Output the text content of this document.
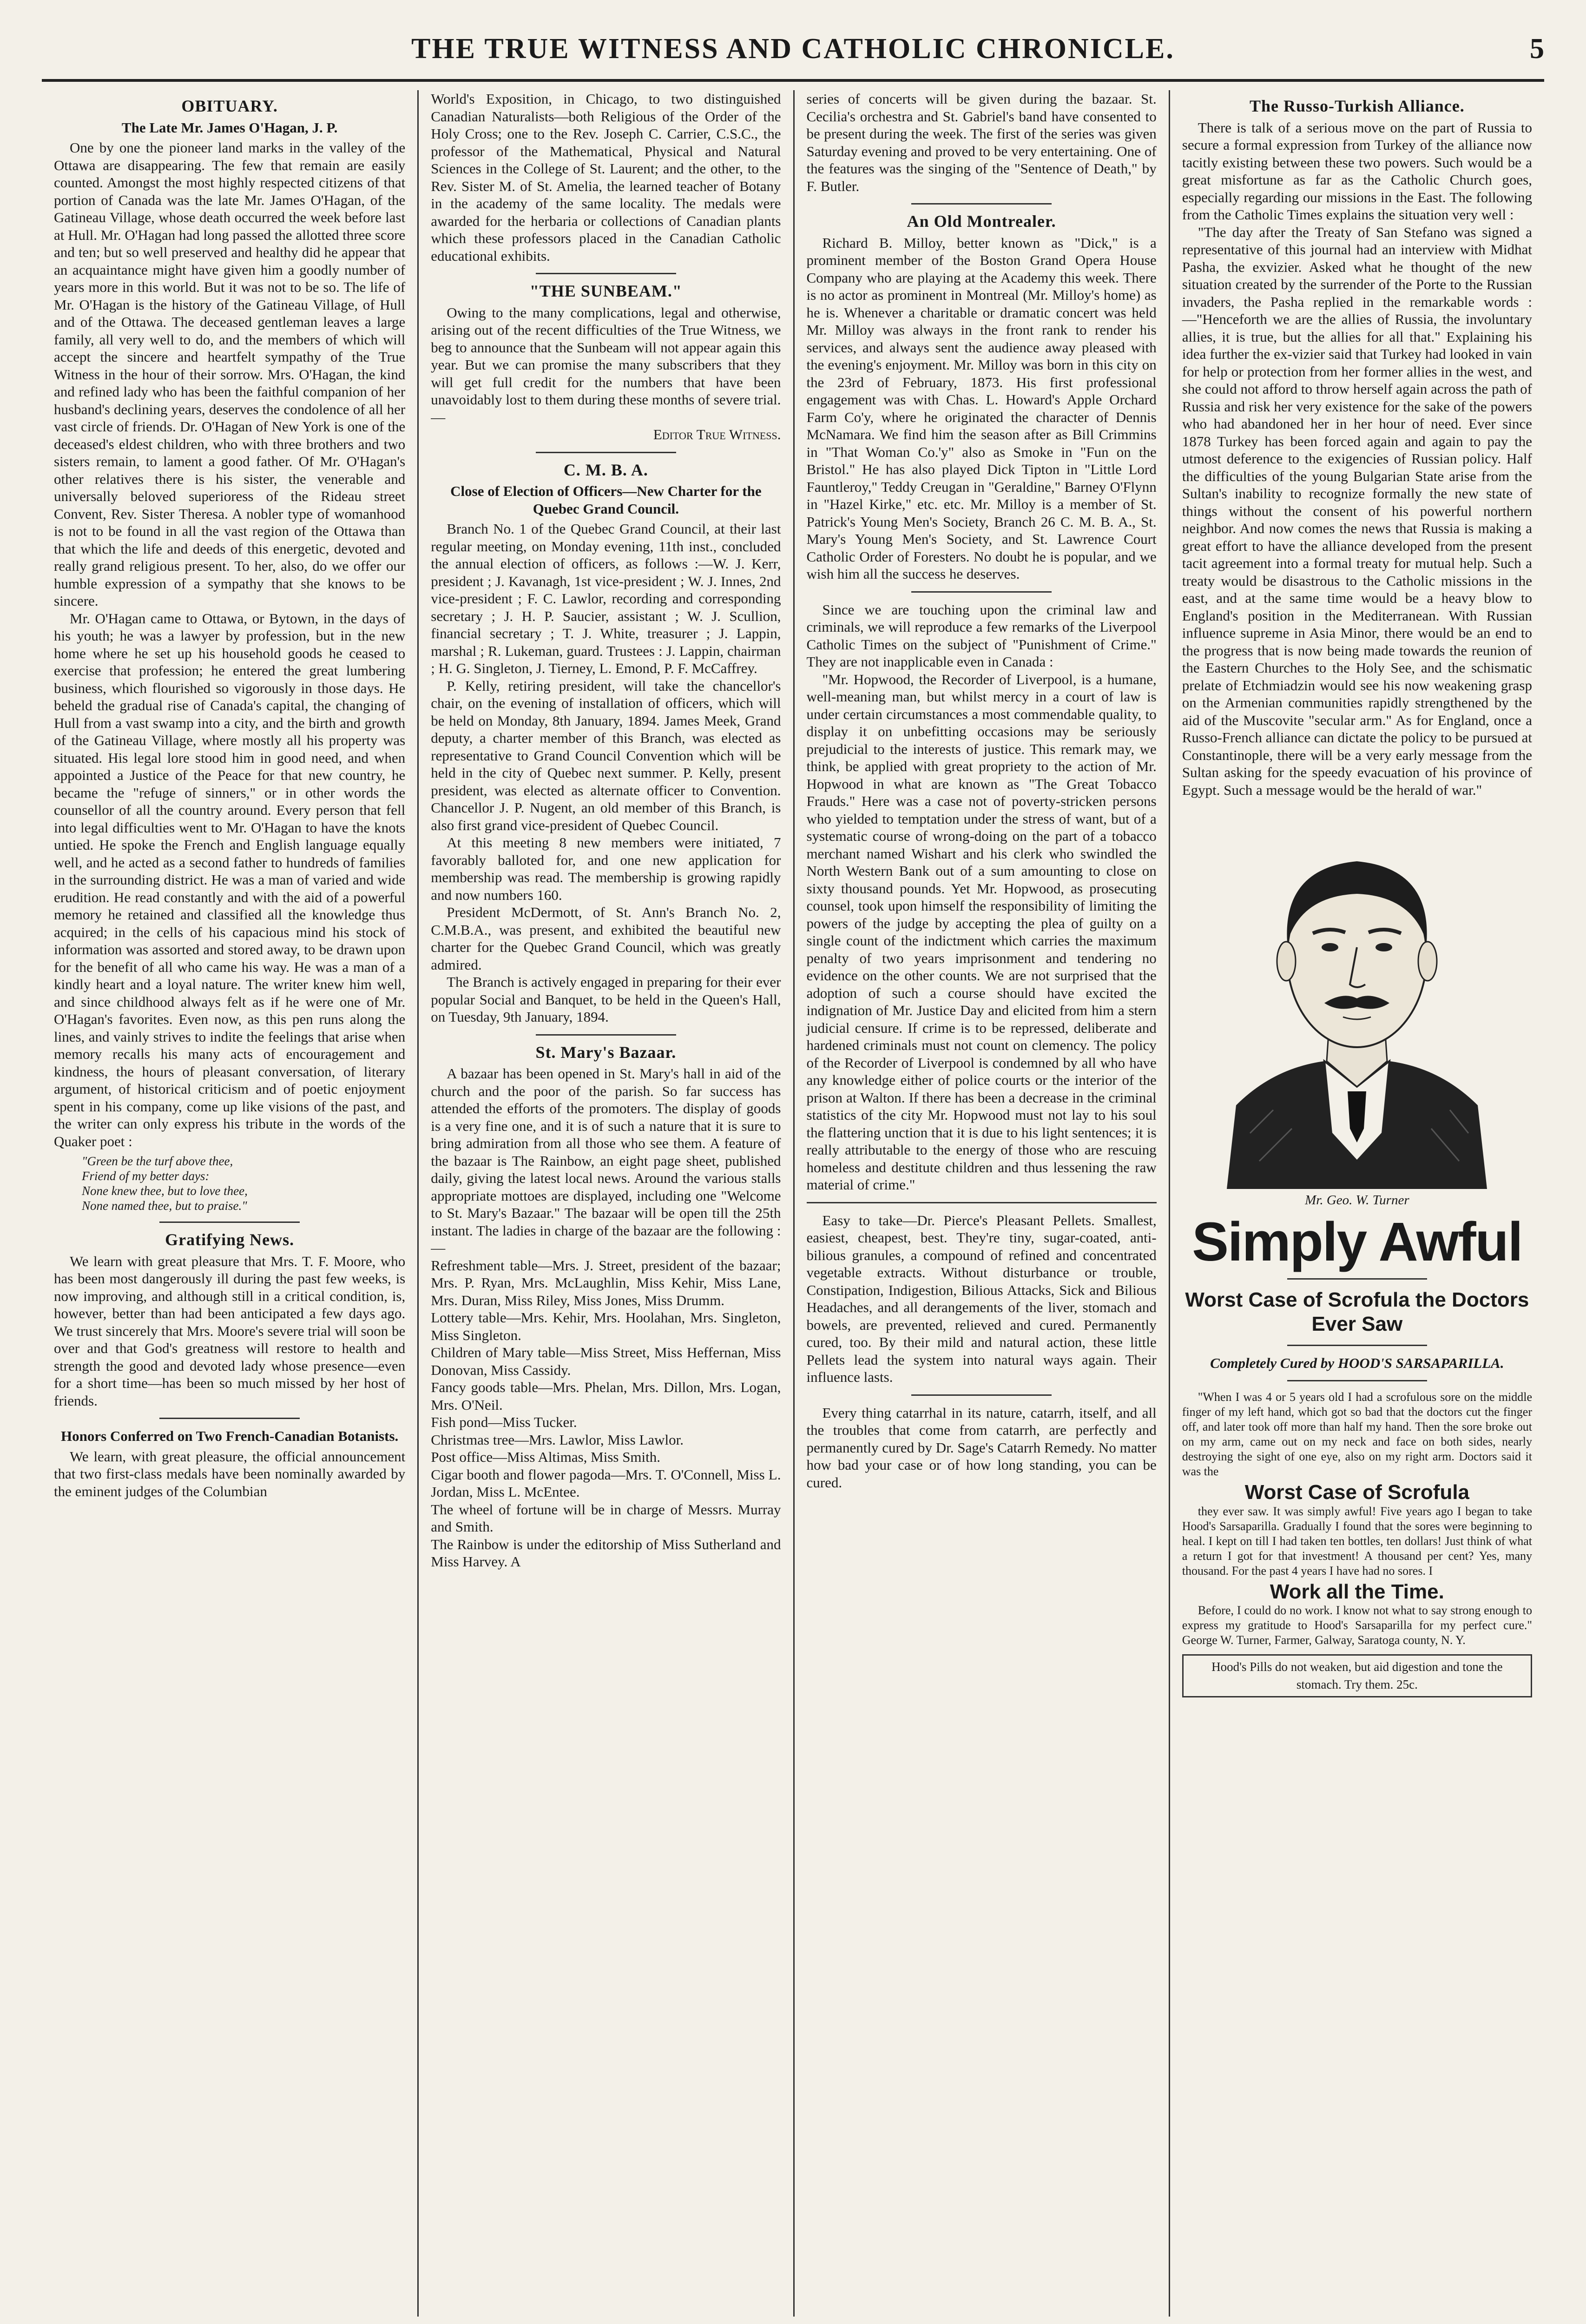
THE TRUE WITNESS AND CATHOLIC CHRONICLE.	5
OBITUARY.
The Late Mr. James O'Hagan, J. P.

One by one the pioneer land marks in the valley of the Ottawa are disappearing. The few that remain are easily counted. Amongst the most highly respected citizens of that portion of Canada was the late Mr. James O'Hagan, of the Gatineau Village, whose death occurred the week before last at Hull. Mr. O'Hagan had long passed the allotted three score and ten; but so well preserved and healthy did he appear that an acquaintance might have given him a goodly number of years more in this world. But it was not to be so. The life of Mr. O'Hagan is the history of the Gatineau Village, of Hull and of the Ottawa. The deceased gentleman leaves a large family, all very well to do, and the members of which will accept the sincere and heartfelt sympathy of the True Witness in the hour of their sorrow. Mrs. O'Hagan, the kind and refined lady who has been the faithful companion of her husband's declining years, deserves the condolence of all her vast circle of friends. Dr. O'Hagan of New York is one of the deceased's eldest children, who with three brothers and two sisters remain, to lament a good father. Of Mr. O'Hagan's other relatives there is his sister, the venerable and universally beloved superioress of the Rideau street Convent, Rev. Sister Theresa. A nobler type of womanhood is not to be found in all the vast region of the Ottawa than that which the life and deeds of this energetic, devoted and really grand religious present. To her, also, do we offer our humble expression of a sympathy that she knows to be sincere.

Mr. O'Hagan came to Ottawa, or Bytown, in the days of his youth; he was a lawyer by profession, but in the new home where he set up his household goods he ceased to exercise that profession; he entered the great lumbering business, which flourished so vigorously in those days. He beheld the gradual rise of Canada's capital, the changing of Hull from a vast swamp into a city, and the birth and growth of the Gatineau Village, where mostly all his property was situated. His legal lore stood him in good need, and when appointed a Justice of the Peace for that new country, he became the "refuge of sinners," or in other words the counsellor of all the country around. Every person that fell into legal difficulties went to Mr. O'Hagan to have the knots untied. He spoke the French and English language equally well, and he acted as a second father to hundreds of families in the surrounding district. He was a man of varied and wide erudition. He read constantly and with the aid of a powerful memory he retained and classified all the knowledge thus acquired; in the cells of his capacious mind his stock of information was assorted and stored away, to be drawn upon for the benefit of all who came his way. He was a man of a kindly heart and a loyal nature. The writer knew him well, and since childhood always felt as if he were one of Mr. O'Hagan's favorites. Even now, as this pen runs along the lines, and vainly strives to indite the feelings that arise when memory recalls his many acts of encouragement and kindness, the hours of pleasant conversation, of literary argument, of historical criticism and of poetic enjoyment spent in his company, come up like visions of the past, and the writer can only express his tribute in the words of the Quaker poet :

"Green be the turf above thee,
Friend of my better days:
None knew thee, but to love thee,
None named thee, but to praise."
Gratifying News.

We learn with great pleasure that Mrs. T. F. Moore, who has been most dangerously ill during the past few weeks, is now improving, and although still in a critical condition, is, however, better than had been anticipated a few days ago. We trust sincerely that Mrs. Moore's severe trial will soon be over and that God's greatness will restore to health and strength the good and devoted lady whose presence—even for a short time—has been so much missed by her host of friends.

Honors Conferred on Two French-Canadian Botanists.

We learn, with great pleasure, the official announcement that two first-class medals have been nominally awarded by the eminent judges of the Columbian

World's Exposition, in Chicago, to two distinguished Canadian Naturalists—both Religious of the Order of the Holy Cross; one to the Rev. Joseph C. Carrier, C.S.C., the professor of the Mathematical, Physical and Natural Sciences in the College of St. Laurent; and the other, to the Rev. Sister M. of St. Amelia, the learned teacher of Botany in the academy of the same locality. The medals were awarded for the herbaria or collections of Canadian plants which these professors placed in the Canadian Catholic educational exhibits.

"THE SUNBEAM."

Owing to the many complications, legal and otherwise, arising out of the recent difficulties of the True Witness, we beg to announce that the Sunbeam will not appear again this year. But we can promise the many subscribers that they will get full credit for the numbers that have been unavoidably lost to them during these months of severe trial.—

Editor True Witness.

C. M. B. A.
Close of Election of Officers—New Charter for the Quebec Grand Council.

Branch No. 1 of the Quebec Grand Council, at their last regular meeting, on Monday evening, 11th inst., concluded the annual election of officers, as follows :—W. J. Kerr, president ; J. Kavanagh, 1st vice-president ; W. J. Innes, 2nd vice-president ; F. C. Lawlor, recording and corresponding secretary ; J. H. P. Saucier, assistant ; W. J. Scullion, financial secretary ; T. J. White, treasurer ; J. Lappin, marshal ; R. Lukeman, guard. Trustees : J. Lappin, chairman ; H. G. Singleton, J. Tierney, L. Emond, P. F. McCaffrey.

P. Kelly, retiring president, will take the chancellor's chair, on the evening of installation of officers, which will be held on Monday, 8th January, 1894. James Meek, Grand deputy, a charter member of this Branch, was elected as representative to Grand Council Convention which will be held in the city of Quebec next summer. P. Kelly, present president, was elected as alternate officer to Convention. Chancellor J. P. Nugent, an old member of this Branch, is also first grand vice-president of Quebec Council.

At this meeting 8 new members were initiated, 7 favorably balloted for, and one new application for membership was read. The membership is growing rapidly and now numbers 160.

President McDermott, of St. Ann's Branch No. 2, C.M.B.A., was present, and exhibited the beautiful new charter for the Quebec Grand Council, which was greatly admired.

The Branch is actively engaged in preparing for their ever popular Social and Banquet, to be held in the Queen's Hall, on Tuesday, 9th January, 1894.

St. Mary's Bazaar.

A bazaar has been opened in St. Mary's hall in aid of the church and the poor of the parish. So far success has attended the efforts of the promoters. The display of goods is a very fine one, and it is of such a nature that it is sure to bring admiration from all those who see them. A feature of the bazaar is The Rainbow, an eight page sheet, published daily, giving the latest local news. Around the various stalls appropriate mottoes are displayed, including one "Welcome to St. Mary's Bazaar." The bazaar will be open till the 25th instant. The ladies in charge of the bazaar are the following :—

Refreshment table—Mrs. J. Street, president of the bazaar; Mrs. P. Ryan, Mrs. McLaughlin, Miss Kehir, Miss Lane, Mrs. Duran, Miss Riley, Miss Jones, Miss Drumm.

Lottery table—Mrs. Kehir, Mrs. Hoolahan, Mrs. Singleton, Miss Singleton.

Children of Mary table—Miss Street, Miss Heffernan, Miss Donovan, Miss Cassidy.

Fancy goods table—Mrs. Phelan, Mrs. Dillon, Mrs. Logan, Mrs. O'Neil.

Fish pond—Miss Tucker.

Christmas tree—Mrs. Lawlor, Miss Lawlor.

Post office—Miss Altimas, Miss Smith.

Cigar booth and flower pagoda—Mrs. T. O'Connell, Miss L. Jordan, Miss L. McEntee.

The wheel of fortune will be in charge of Messrs. Murray and Smith.

The Rainbow is under the editorship of Miss Sutherland and Miss Harvey. A

series of concerts will be given during the bazaar. St. Cecilia's orchestra and St. Gabriel's band have consented to be present during the week. The first of the series was given Saturday evening and proved to be very entertaining. One of the features was the singing of the "Sentence of Death," by F. Butler.

An Old Montrealer.

Richard B. Milloy, better known as "Dick," is a prominent member of the Boston Grand Opera House Company who are playing at the Academy this week. There is no actor as prominent in Montreal (Mr. Milloy's home) as he is. Whenever a charitable or dramatic concert was held Mr. Milloy was always in the front rank to render his services, and always sent the audience away pleased with the evening's enjoyment. Mr. Milloy was born in this city on the 23rd of February, 1873. His first professional engagement was with Chas. L. Howard's Apple Orchard Farm Co'y, where he originated the character of Dennis McNamara. We find him the season after as Bill Crimmins in "That Woman Co.'y" also as Smoke in "Fun on the Bristol." He has also played Dick Tipton in "Little Lord Fauntleroy," Teddy Creugan in "Geraldine," Barney O'Flynn in "Hazel Kirke," etc. etc. Mr. Milloy is a member of St. Patrick's Young Men's Society, Branch 26 C. M. B. A., St. Mary's Young Men's Society, and St. Lawrence Court Catholic Order of Foresters. No doubt he is popular, and we wish him all the success he deserves.

Since we are touching upon the criminal law and criminals, we will reproduce a few remarks of the Liverpool Catholic Times on the subject of "Punishment of Crime." They are not inapplicable even in Canada :

"Mr. Hopwood, the Recorder of Liverpool, is a humane, well-meaning man, but whilst mercy in a court of law is under certain circumstances a most commendable quality, to display it on unbefitting occasions may be seriously prejudicial to the interests of justice. This remark may, we think, be applied with great propriety to the action of Mr. Hopwood in what are known as "The Great Tobacco Frauds." Here was a case not of poverty-stricken persons who yielded to temptation under the stress of want, but of a systematic course of wrong-doing on the part of a tobacco merchant named Wishart and his clerk who swindled the North Western Bank out of a sum amounting to close on sixty thousand pounds. Yet Mr. Hopwood, as prosecuting counsel, took upon himself the responsibility of limiting the powers of the judge by accepting the plea of guilty on a single count of the indictment which carries the maximum penalty of two years imprisonment and tendering no evidence on the other counts. We are not surprised that the adoption of such a course should have excited the indignation of Mr. Justice Day and elicited from him a stern judicial censure. If crime is to be repressed, deliberate and hardened criminals must not count on clemency. The policy of the Recorder of Liverpool is condemned by all who have any knowledge either of police courts or the interior of the prison at Walton. If there has been a decrease in the criminal statistics of the city Mr. Hopwood must not lay to his soul the flattering unction that it is due to his light sentences; it is really attributable to the energy of those who are rescuing homeless and destitute children and thus lessening the raw material of crime."

Easy to take—Dr. Pierce's Pleasant Pellets. Smallest, easiest, cheapest, best. They're tiny, sugar-coated, anti-bilious granules, a compound of refined and concentrated vegetable extracts. Without disturbance or trouble, Constipation, Indigestion, Bilious Attacks, Sick and Bilious Headaches, and all derangements of the liver, stomach and bowels, are prevented, relieved and cured. Permanently cured, too. By their mild and natural action, these little Pellets lead the system into natural ways again. Their influence lasts.

Every thing catarrhal in its nature, catarrh, itself, and all the troubles that come from catarrh, are perfectly and permanently cured by Dr. Sage's Catarrh Remedy. No matter how bad your case or of how long standing, you can be cured.

The Russo-Turkish Alliance.

There is talk of a serious move on the part of Russia to secure a formal expression from Turkey of the alliance now tacitly existing between these two powers. Such would be a great misfortune as far as the Catholic Church goes, especially regarding our missions in the East. The following from the Catholic Times explains the situation very well :

"The day after the Treaty of San Stefano was signed a representative of this journal had an interview with Midhat Pasha, the exvizier. Asked what he thought of the new situation created by the surrender of the Porte to the Russian invaders, the Pasha replied in the remarkable words :—"Henceforth we are the allies of Russia, the involuntary allies, it is true, but the allies for all that." Explaining his idea further the ex-vizier said that Turkey had looked in vain for help or protection from her former allies in the west, and she could not afford to throw herself again across the path of Russia and risk her very existence for the sake of the powers who had abandoned her in her hour of need. Ever since 1878 Turkey has been forced again and again to pay the utmost deference to the exigencies of Russian policy. Half the difficulties of the young Bulgarian State arise from the Sultan's inability to recognize formally the new state of things without the consent of his powerful northern neighbor. And now comes the news that Russia is making a great effort to have the alliance developed from the present tacit agreement into a formal treaty for mutual help. Such a treaty would be disastrous to the Catholic missions in the east, and at the same time would be a heavy blow to England's position in the Mediterranean. With Russian influence supreme in Asia Minor, there would be an end to the progress that is now being made towards the reunion of the Eastern Churches to the Holy See, and the schismatic prelate of Etchmiadzin would see his now weakening grasp on the Armenian communities rapidly strengthened by the aid of the Muscovite "secular arm." As for England, once a Russo-French alliance can dictate the policy to be pursued at Constantinople, there will be a very early message from the Sultan asking for the speedy evacuation of his province of Egypt. Such a message would be the herald of war."

Mr. Geo. W. Turner
Simply Awful
Worst Case of Scrofula the Doctors Ever Saw
Completely Cured by HOOD'S SARSAPARILLA.

"When I was 4 or 5 years old I had a scrofulous sore on the middle finger of my left hand, which got so bad that the doctors cut the finger off, and later took off more than half my hand. Then the sore broke out on my arm, came out on my neck and face on both sides, nearly destroying the sight of one eye, also on my right arm. Doctors said it was the

Worst Case of Scrofula

they ever saw. It was simply awful! Five years ago I began to take Hood's Sarsaparilla. Gradually I found that the sores were beginning to heal. I kept on till I had taken ten bottles, ten dollars! Just think of what a return I got for that investment! A thousand per cent? Yes, many thousand. For the past 4 years I have had no sores. I

Work all the Time.

Before, I could do no work. I know not what to say strong enough to express my gratitude to Hood's Sarsaparilla for my perfect cure." George W. Turner, Farmer, Galway, Saratoga county, N. Y.

Hood's Pills do not weaken, but aid digestion and tone the stomach. Try them. 25c.
